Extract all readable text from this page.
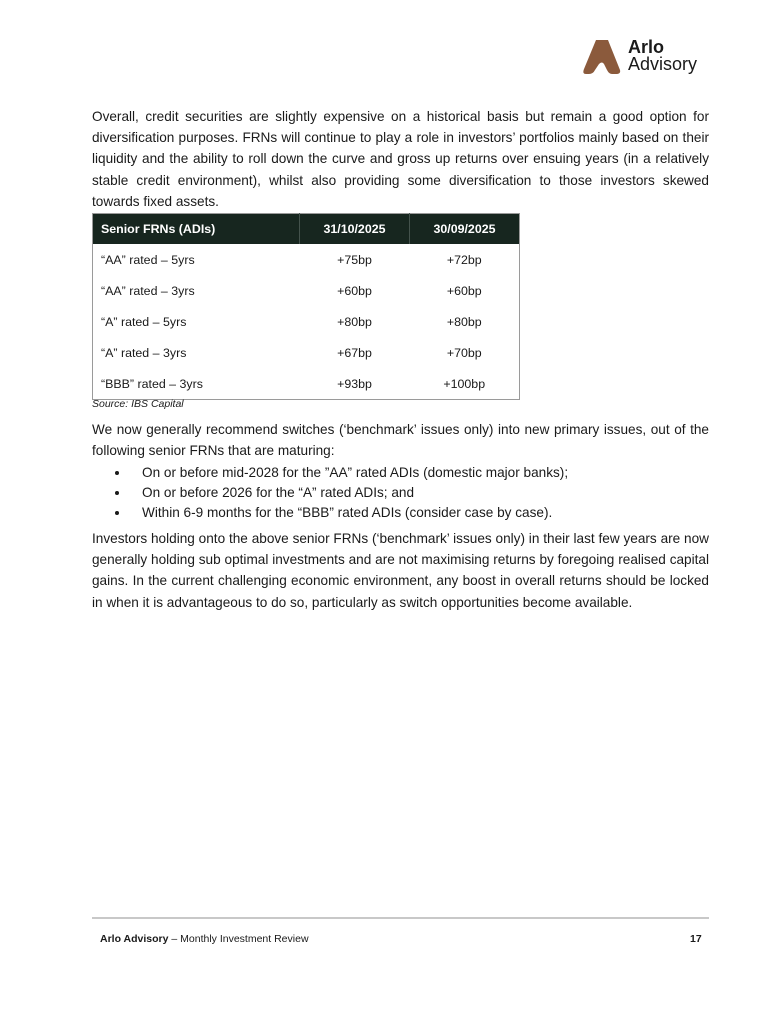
Arlo
Advisory

Overall, credit securities are slightly expensive on a historical basis but remain a good option for diversification purposes. FRNs will continue to play a role in investors’ portfolios mainly based on their liquidity and the ability to roll down the curve and gross up returns over ensuing years (in a relatively stable credit environment), whilst also providing some diversification to those investors skewed towards fixed assets.

Senior FRNs (ADIs)	31/10/2025	30/09/2025
“AA” rated – 5yrs	+75bp	+72bp
“AA” rated – 3yrs	+60bp	+60bp
“A” rated – 5yrs	+80bp	+80bp
“A” rated – 3yrs	+67bp	+70bp
“BBB” rated – 3yrs	+93bp	+100bp
Source: IBS Capital

We now generally recommend switches (‘benchmark’ issues only) into new primary issues, out of the following senior FRNs that are maturing:

• On or before mid-2028 for the ”AA” rated ADIs (domestic major banks);
• On or before 2026 for the “A” rated ADIs; and
• Within 6-9 months for the “BBB” rated ADIs (consider case by case).

Investors holding onto the above senior FRNs (‘benchmark’ issues only) in their last few years are now generally holding sub optimal investments and are not maximising returns by foregoing realised capital gains. In the current challenging economic environment, any boost in overall returns should be locked in when it is advantageous to do so, particularly as switch opportunities become available.

Arlo Advisory – Monthly Investment Review	17
